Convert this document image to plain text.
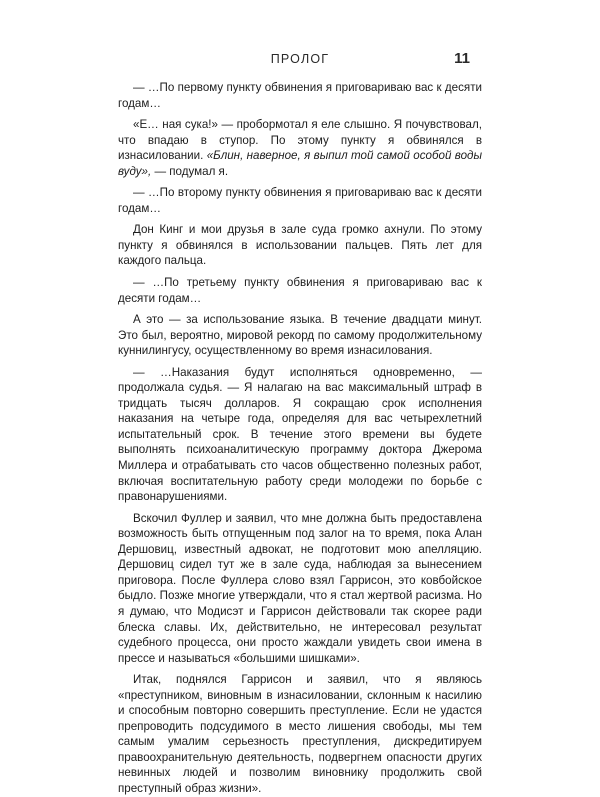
ПРОЛОГ	11

— …По первому пункту обвинения я приговариваю вас к десяти годам…

«Е… ная сука!» — пробормотал я еле слышно. Я почувствовал, что впадаю в ступор. По этому пункту я обвинялся в изнасиловании. «Блин, наверное, я выпил той самой особой воды вуду», — подумал я.

— …По второму пункту обвинения я приговариваю вас к десяти годам…

Дон Кинг и мои друзья в зале суда громко ахнули. По этому пункту я обвинялся в использовании пальцев. Пять лет для каждого пальца.

— …По третьему пункту обвинения я приговариваю вас к десяти годам…

А это — за использование языка. В течение двадцати минут. Это был, вероятно, мировой рекорд по самому продолжительному куннилингусу, осуществленному во время изнасилования.

— …Наказания будут исполняться одновременно, — продолжала судья. — Я налагаю на вас максимальный штраф в тридцать тысяч долларов. Я сокращаю срок исполнения наказания на четыре года, определяя для вас четырехлетний испытательный срок. В течение этого времени вы будете выполнять психоаналитическую программу доктора Джерома Миллера и отрабатывать сто часов общественно полезных работ, включая воспитательную работу среди молодежи по борьбе с правонарушениями.

Вскочил Фуллер и заявил, что мне должна быть предоставлена возможность быть отпущенным под залог на то время, пока Алан Дершовиц, известный адвокат, не подготовит мою апелляцию. Дершовиц сидел тут же в зале суда, наблюдая за вынесением приговора. После Фуллера слово взял Гаррисон, это ковбойское быдло. Позже многие утверждали, что я стал жертвой расизма. Но я думаю, что Модисэт и Гаррисон действовали так скорее ради блеска славы. Их, действительно, не интересовал результат судебного процесса, они просто жаждали увидеть свои имена в прессе и называться «большими шишками».

Итак, поднялся Гаррисон и заявил, что я являюсь «преступником, виновным в изнасиловании, склонным к насилию и способным повторно совершить преступление. Если не удастся препроводить подсудимого в место лишения свободы, мы тем самым умалим серьезность преступления, дискредитируем правоохранительную деятельность, подвергнем опасности других невинных людей и позволим виновнику продолжить свой преступный образ жизни».
